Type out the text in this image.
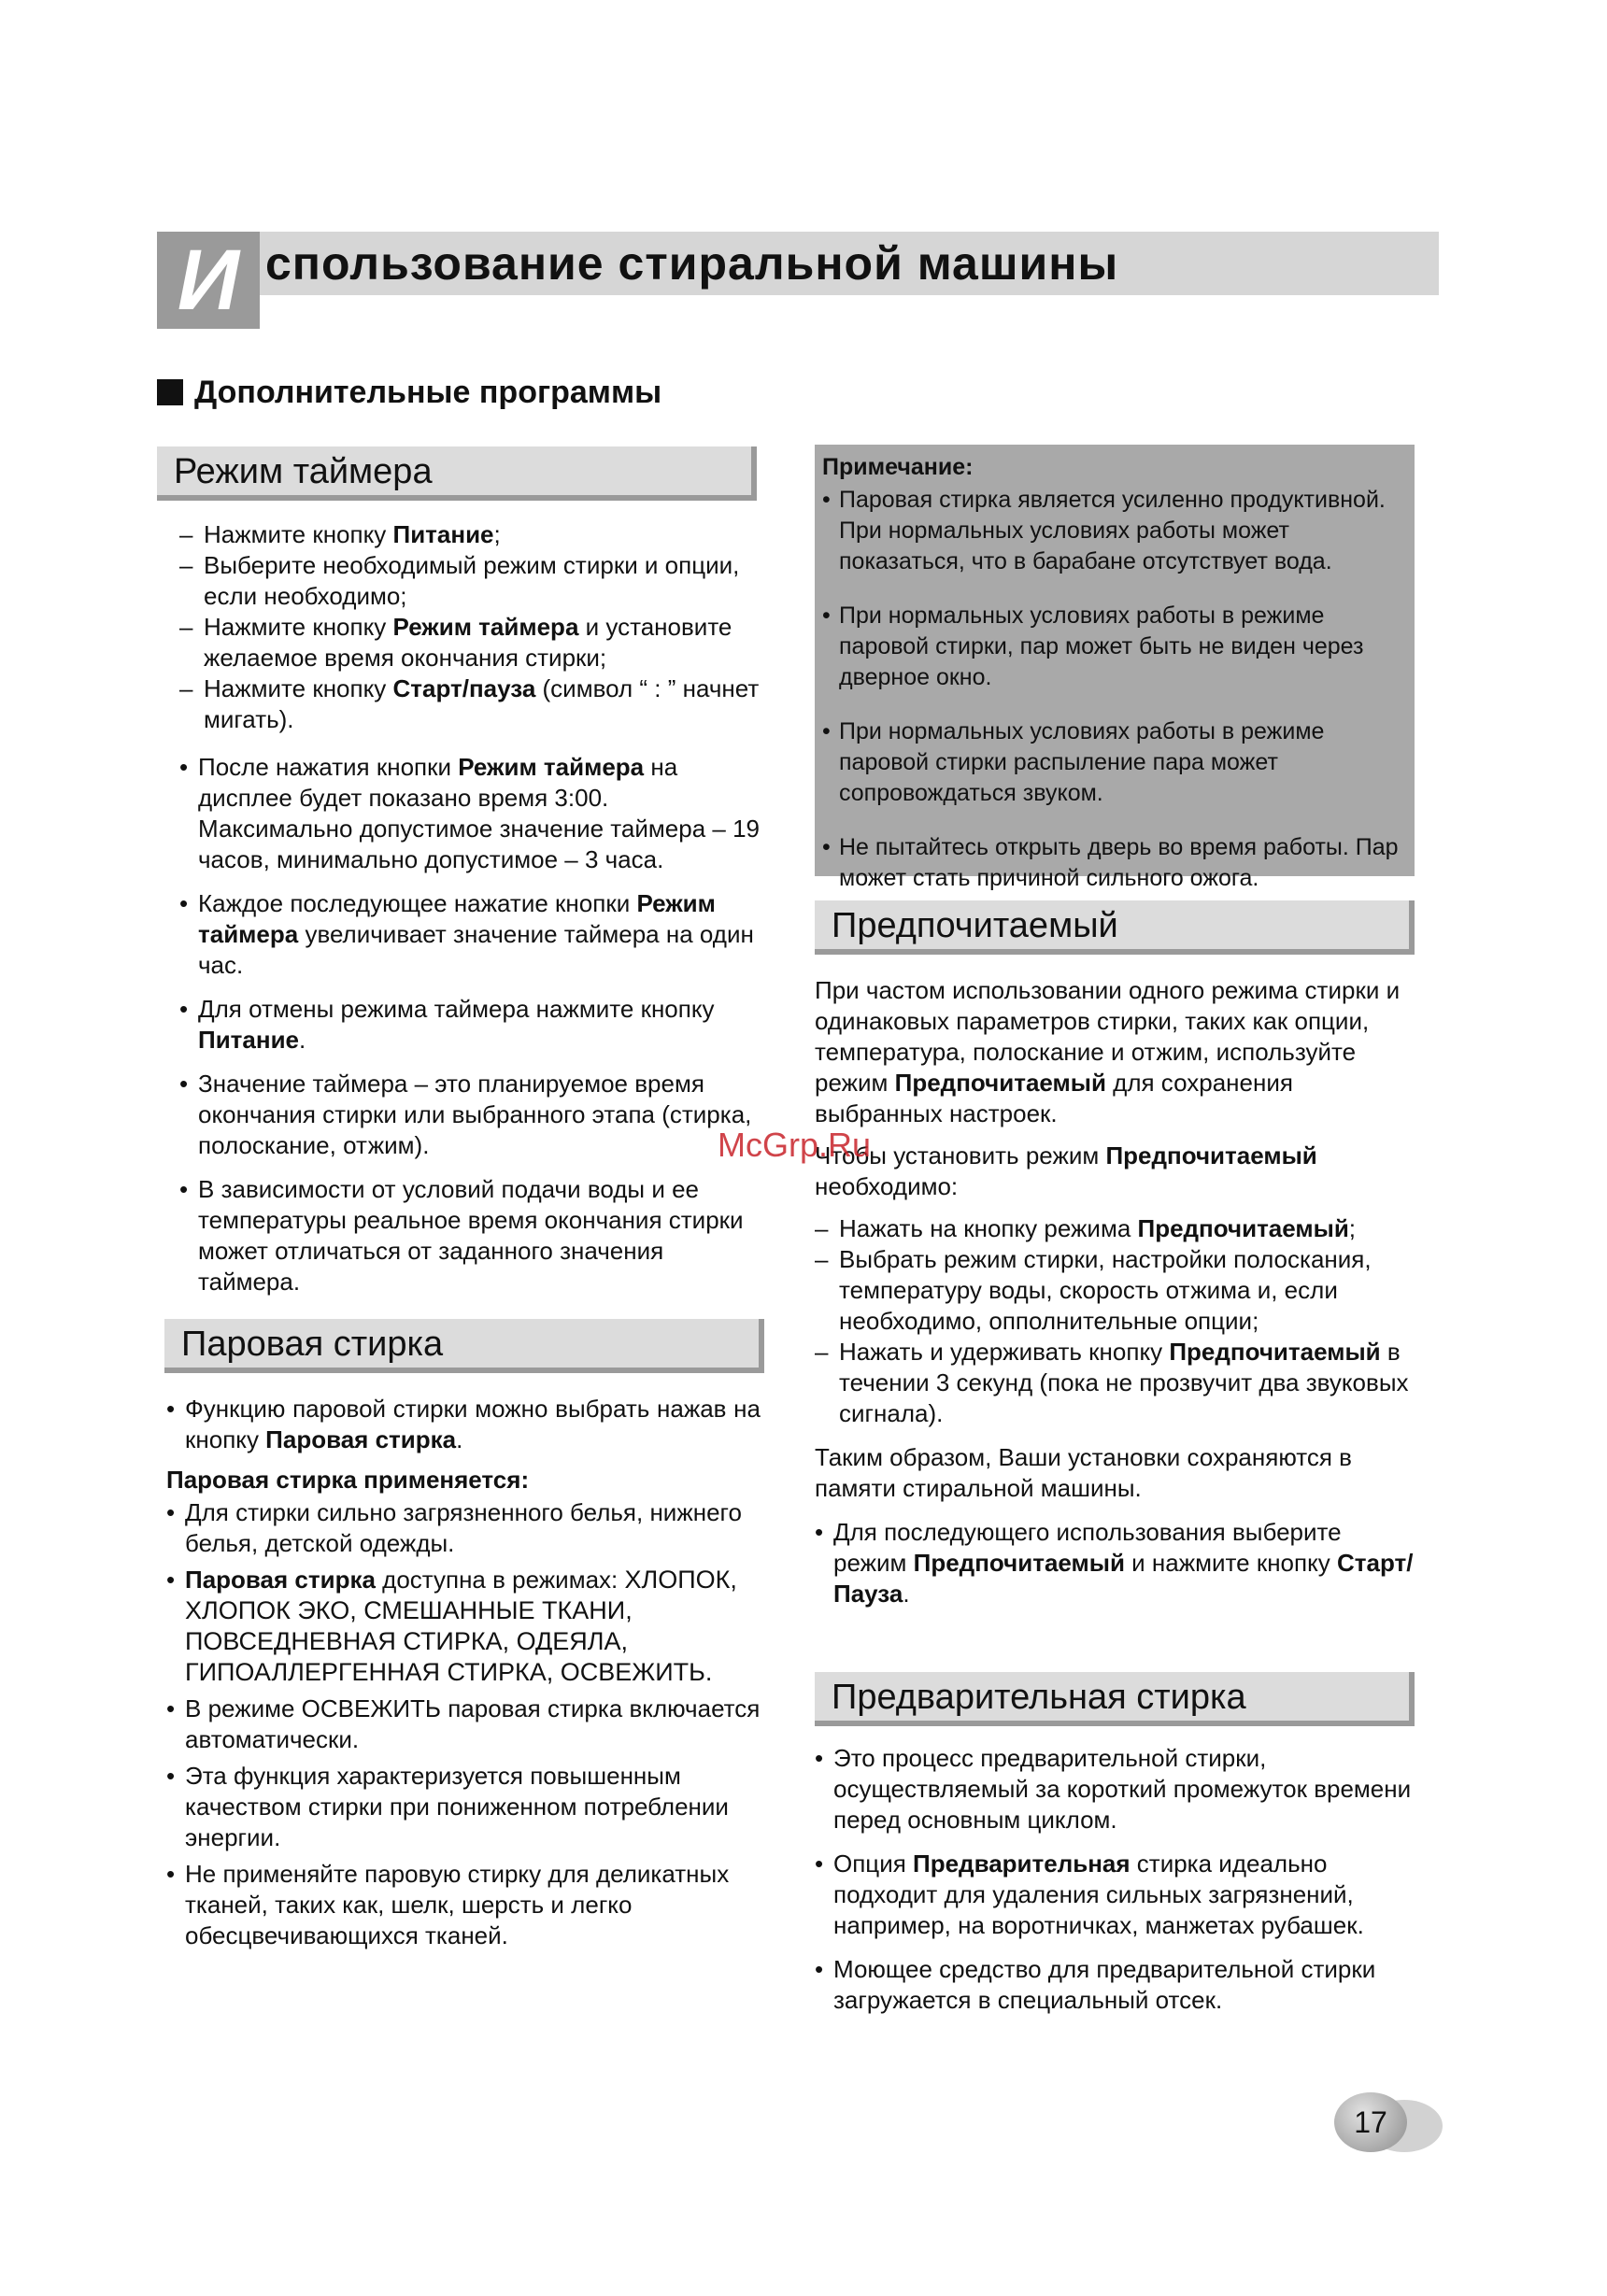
И спользование стиральной машины
Дополнительные программы
Режим таймера

– Нажмите кнопку Питание;

– Выберите необходимый режим стирки и опции, если необходимо;

– Нажмите кнопку Режим таймера и установите желаемое время окончания стирки;

– Нажмите кнопку Старт/пауза (символ “ : ” начнет мигать).

• После нажатия кнопки Режим таймера на дисплее будет показано время 3:00. Максимально допустимое значение таймера – 19 часов, минимально допустимое – 3 часа.

• Каждое последующее нажатие кнопки Режим таймера увеличивает значение таймера на один час.

• Для отмены режима таймера нажмите кнопку Питание.

• Значение таймера – это планируемое время окончания стирки или выбранного этапа (стирка, полоскание, отжим).

• В зависимости от условий подачи воды и ее температуры реальное время окончания стирки может отличаться от заданного значения таймера.

Паровая стирка

• Функцию паровой стирки можно выбрать нажав на кнопку Паровая стирка.

Паровая стирка применяется:

• Для стирки сильно загрязненного белья, нижнего белья, детской одежды.

• Паровая стирка доступна в режимах: ХЛОПОК, ХЛОПОК ЭКО, СМЕШАННЫЕ ТКАНИ, ПОВСЕДНЕВНАЯ СТИРКА, ОДЕЯЛА, ГИПОАЛЛЕРГЕННАЯ СТИРКА, ОСВЕЖИТЬ.

• В режиме ОСВЕЖИТЬ паровая стирка включается автоматически.

• Эта функция характеризуется повышенным качеством стирки при пониженном потреблении энергии.

• Не применяйте паровую стирку для деликатных тканей, таких как, шелк, шерсть и легко обесцвечивающихся тканей.

Примечание:

• Паровая стирка является усиленно продуктивной. При нормальных условиях работы может показаться, что в барабане отсутствует вода.

• При нормальных условиях работы в режиме паровой стирки, пар может быть не виден через дверное окно.

• При нормальных условиях работы в режиме паровой стирки распыление пара может сопровождаться звуком.

• Не пытайтесь открыть дверь во время работы. Пар может стать причиной сильного ожога.

Предпочитаемый

При частом использовании одного режима стирки и одинаковых параметров стирки, таких как опции, температура, полоскание и отжим, используйте режим Предпочитаемый для сохранения выбранных настроек.

Чтобы установить режим Предпочитаемый необходимо:

– Нажать на кнопку режима Предпочитаемый;

– Выбрать режим стирки, настройки полоскания, температуру воды, скорость отжима и, если необходимо, опполнительные опции;

– Нажать и удерживать кнопку Предпочитаемый в течении 3 секунд (пока не прозвучит два звуковых сигнала).

Таким образом, Ваши установки сохраняются в памяти стиральной машины.

• Для последующего использования выберите режим Предпочитаемый и нажмите кнопку Старт/Пауза.

Предварительная стирка

• Это процесс предварительной стирки, осуществляемый за короткий промежуток времени перед основным циклом.

• Опция Предварительная стирка идеально подходит для удаления сильных загрязнений, например, на воротничках, манжетах рубашек.

• Моющее средство для предварительной стирки загружается в специальный отсек.

McGrp.Ru
17
